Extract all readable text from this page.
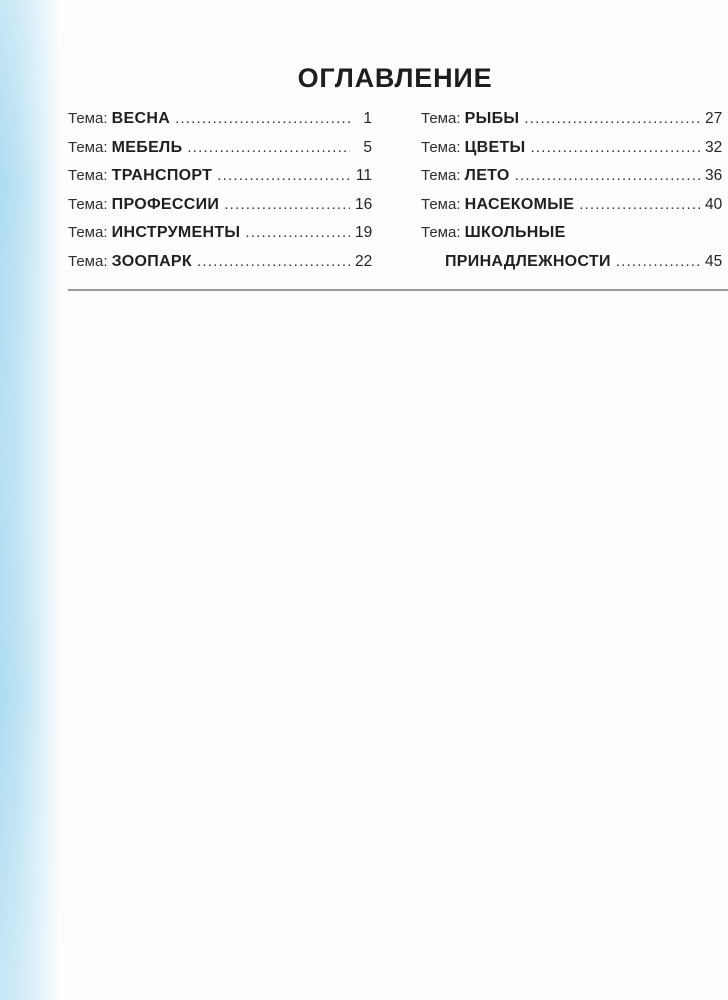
ОГЛАВЛЕНИЕ
Тема: ВЕСНА .....	1
Тема: МЕБЕЛЬ .....	5
Тема: ТРАНСПОРТ .....	11
Тема: ПРОФЕССИИ .....	16
Тема: ИНСТРУМЕНТЫ .....	19
Тема: ЗООПАРК .....	22
Тема: РЫБЫ .....	27
Тема: ЦВЕТЫ .....	32
Тема: ЛЕТО .....	36
Тема: НАСЕКОМЫЕ .....	40
Тема: ШКОЛЬНЫЕ
ПРИНАДЛЕЖНОСТИ .....	45
